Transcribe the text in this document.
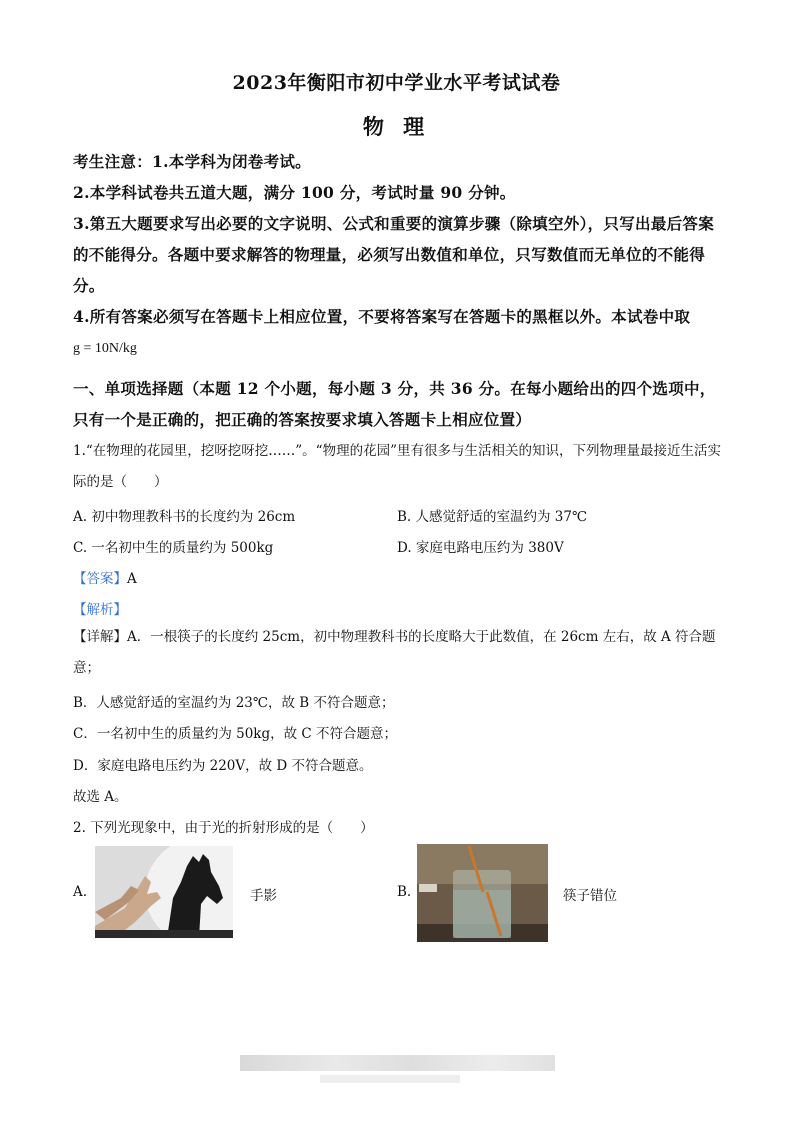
2023年衡阳市初中学业水平考试试卷
物 理

考生注意：1.本学科为闭卷考试。

2.本学科试卷共五道大题，满分 100 分，考试时量 90 分钟。

3.第五大题要求写出必要的文字说明、公式和重要的演算步骤（除填空外），只写出最后答案的不能得分。各题中要求解答的物理量，必须写出数值和单位，只写数值而无单位的不能得分。

4.所有答案必须写在答题卡上相应位置，不要将答案写在答题卡的黑框以外。本试卷中取

g = 10N/kg
一、单项选择题（本题 12 个小题，每小题 3 分，共 36 分。在每小题给出的四个选项中，只有一个是正确的，把正确的答案按要求填入答题卡上相应位置）
1.“在物理的花园里，挖呀挖呀挖……”。“物理的花园”里有很多与生活相关的知识，下列物理量最接近生活实际的是（　　）
A. 初中物理教科书的长度约为 26cm	B. 人感觉舒适的室温约为 37℃
C. 一名初中生的质量约为 500kg	D. 家庭电路电压约为 380V
【答案】A
【解析】
【详解】A．一根筷子的长度约 25cm，初中物理教科书的长度略大于此数值，在 26cm 左右，故 A 符合题意；
B．人感觉舒适的室温约为 23℃，故 B 不符合题意；
C．一名初中生的质量约为 50kg，故 C 不符合题意；
D．家庭电路电压约为 220V，故 D 不符合题意。
故选 A。
2. 下列光现象中，由于光的折射形成的是（　　）
A.	手影	B.	筷子错位
